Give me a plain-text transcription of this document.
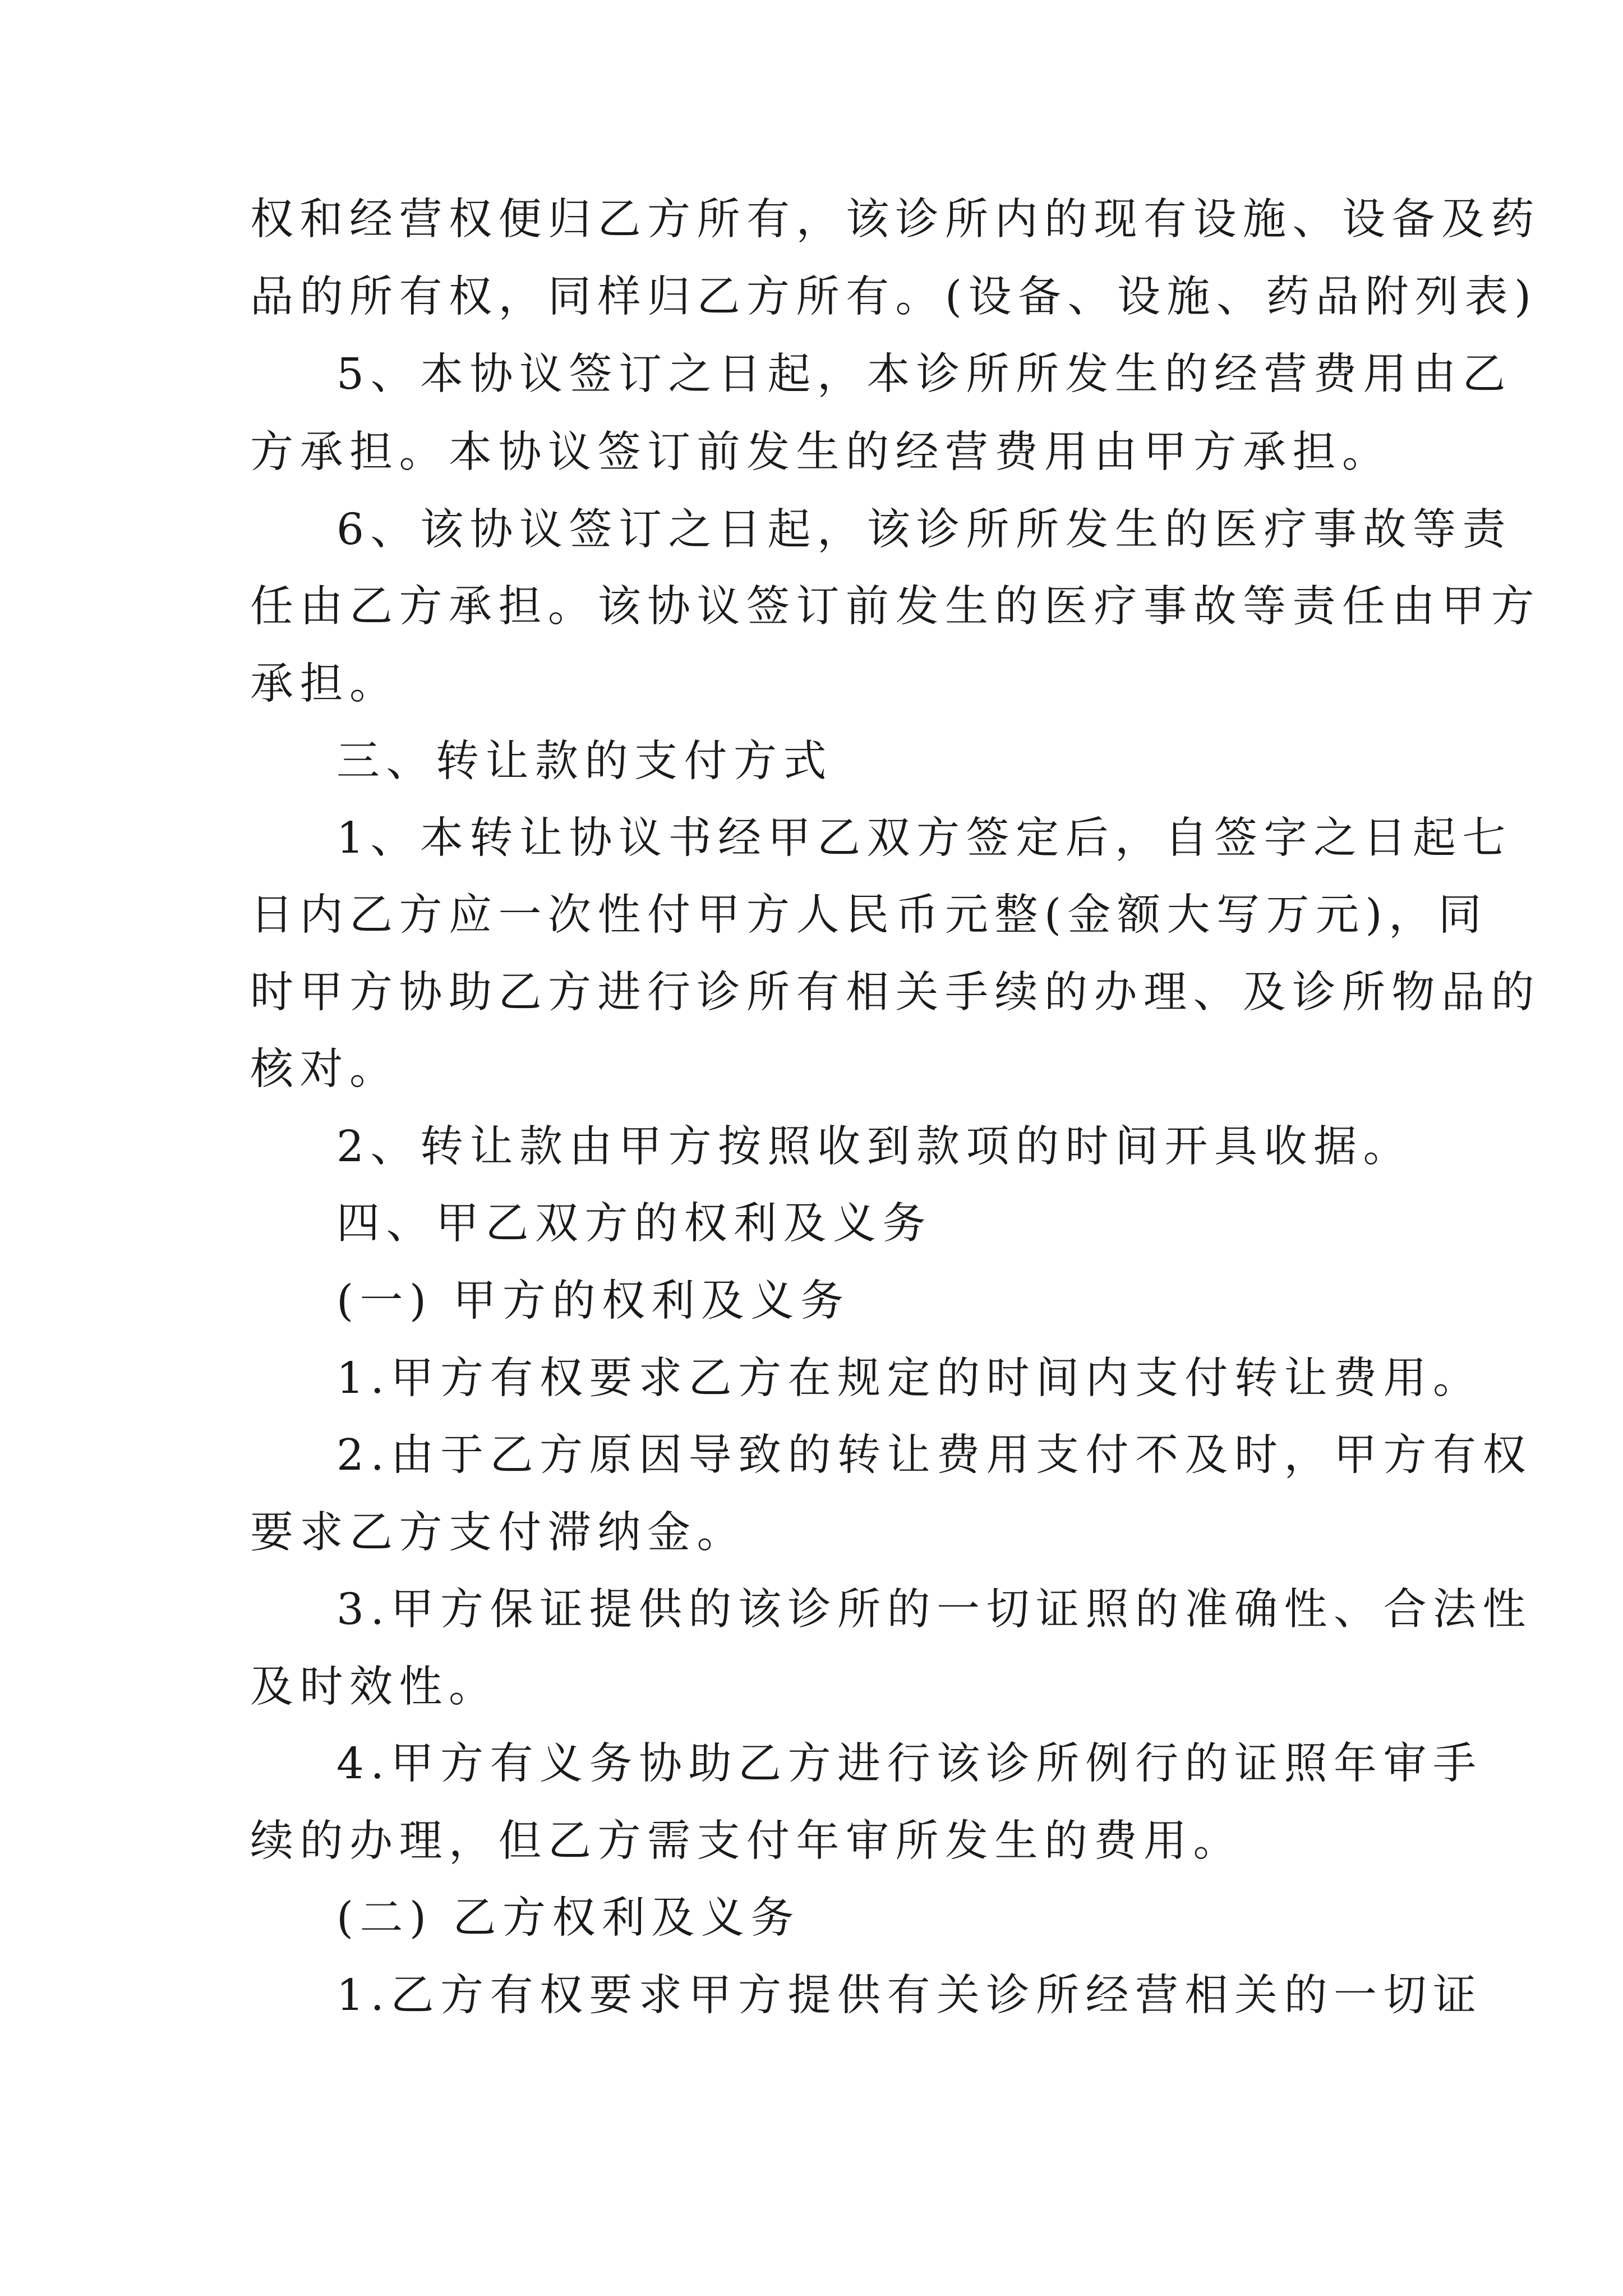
权和经营权便归乙方所有，该诊所内的现有设施、设备及药

品的所有权，同样归乙方所有。(设备、设施、药品附列表)

5、本协议签订之日起，本诊所所发生的经营费用由乙

方承担。本协议签订前发生的经营费用由甲方承担。

6、该协议签订之日起，该诊所所发生的医疗事故等责

任由乙方承担。该协议签订前发生的医疗事故等责任由甲方

承担。

三、转让款的支付方式

1、本转让协议书经甲乙双方签定后，自签字之日起七

日内乙方应一次性付甲方人民币元整(金额大写万元)，同

时甲方协助乙方进行诊所有相关手续的办理、及诊所物品的

核对。

2、转让款由甲方按照收到款项的时间开具收据。

四、甲乙双方的权利及义务

(一) 甲方的权利及义务

1.甲方有权要求乙方在规定的时间内支付转让费用。

2.由于乙方原因导致的转让费用支付不及时，甲方有权

要求乙方支付滞纳金。

3.甲方保证提供的该诊所的一切证照的准确性、合法性

及时效性。

4.甲方有义务协助乙方进行该诊所例行的证照年审手

续的办理，但乙方需支付年审所发生的费用。

(二) 乙方权利及义务

1.乙方有权要求甲方提供有关诊所经营相关的一切证
